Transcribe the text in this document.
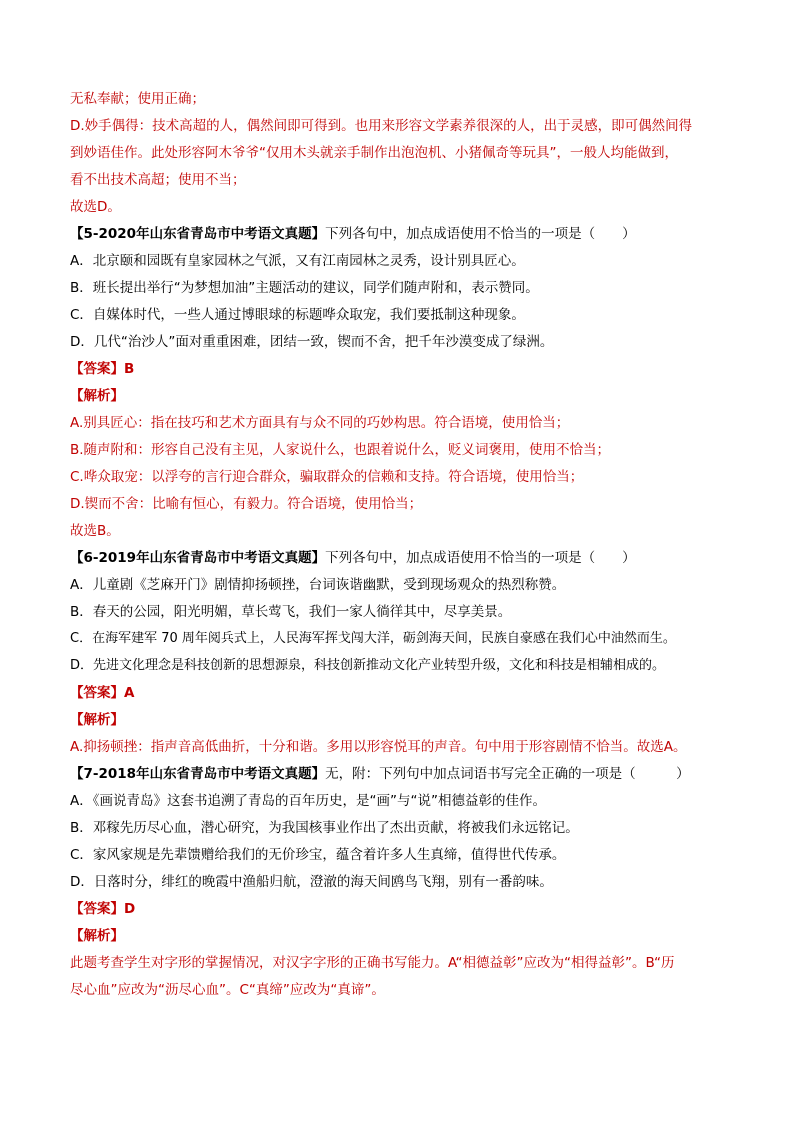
无私奉献；使用正确；
D.妙手偶得：技术高超的人，偶然间即可得到。也用来形容文学素养很深的人，出于灵感，即可偶然间得
到妙语佳作。此处形容阿木爷爷“仅用木头就亲手制作出泡泡机、小猪佩奇等玩具”，一般人均能做到，
看不出技术高超；使用不当；
故选D。
【5-2020年山东省青岛市中考语文真题】下列各句中，加点成语使用不恰当的一项是（　　）
A．北京颐和园既有皇家园林之气派，又有江南园林之灵秀，设计别具匠心。
B．班长提出举行“为梦想加油”主题活动的建议，同学们随声附和，表示赞同。
C．自媒体时代，一些人通过博眼球的标题哗众取宠，我们要抵制这种现象。
D．几代“治沙人”面对重重困难，团结一致，锲而不舍，把千年沙漠变成了绿洲。
【答案】B
【解析】
A.别具匠心：指在技巧和艺术方面具有与众不同的巧妙构思。符合语境，使用恰当；
B.随声附和：形容自己没有主见，人家说什么，也跟着说什么，贬义词褒用，使用不恰当；
C.哗众取宠：以浮夸的言行迎合群众，骗取群众的信赖和支持。符合语境，使用恰当；
D.锲而不舍：比喻有恒心，有毅力。符合语境，使用恰当；
故选B。
【6-2019年山东省青岛市中考语文真题】下列各句中，加点成语使用不恰当的一项是（　　）
A．儿童剧《芝麻开门》剧情抑扬顿挫，台词诙谐幽默，受到现场观众的热烈称赞。
B．春天的公园，阳光明媚，草长莺飞，我们一家人徜徉其中，尽享美景。
C．在海军建军 70 周年阅兵式上，人民海军挥戈闯大洋，砺剑海天间，民族自豪感在我们心中油然而生。
D．先进文化理念是科技创新的思想源泉，科技创新推动文化产业转型升级，文化和科技是相辅相成的。
【答案】A
【解析】
A.抑扬顿挫：指声音高低曲折，十分和谐。多用以形容悦耳的声音。句中用于形容剧情不恰当。故选A。
【7-2018年山东省青岛市中考语文真题】无，附：下列句中加点词语书写完全正确的一项是（　　　）
A．《画说青岛》这套书追溯了青岛的百年历史，是“画”与“说”相德益彰的佳作。
B．邓稼先历尽心血，潜心研究，为我国核事业作出了杰出贡献，将被我们永远铭记。
C．家风家规是先辈馈赠给我们的无价珍宝，蕴含着许多人生真缔，值得世代传承。
D．日落时分，绯红的晚霞中渔船归航，澄澈的海天间鸥鸟飞翔，别有一番韵味。
【答案】D
【解析】
此题考查学生对字形的掌握情况，对汉字字形的正确书写能力。A“相德益彰”应改为“相得益彰”。B“历
尽心血”应改为“沥尽心血”。C“真缔”应改为“真谛”。
